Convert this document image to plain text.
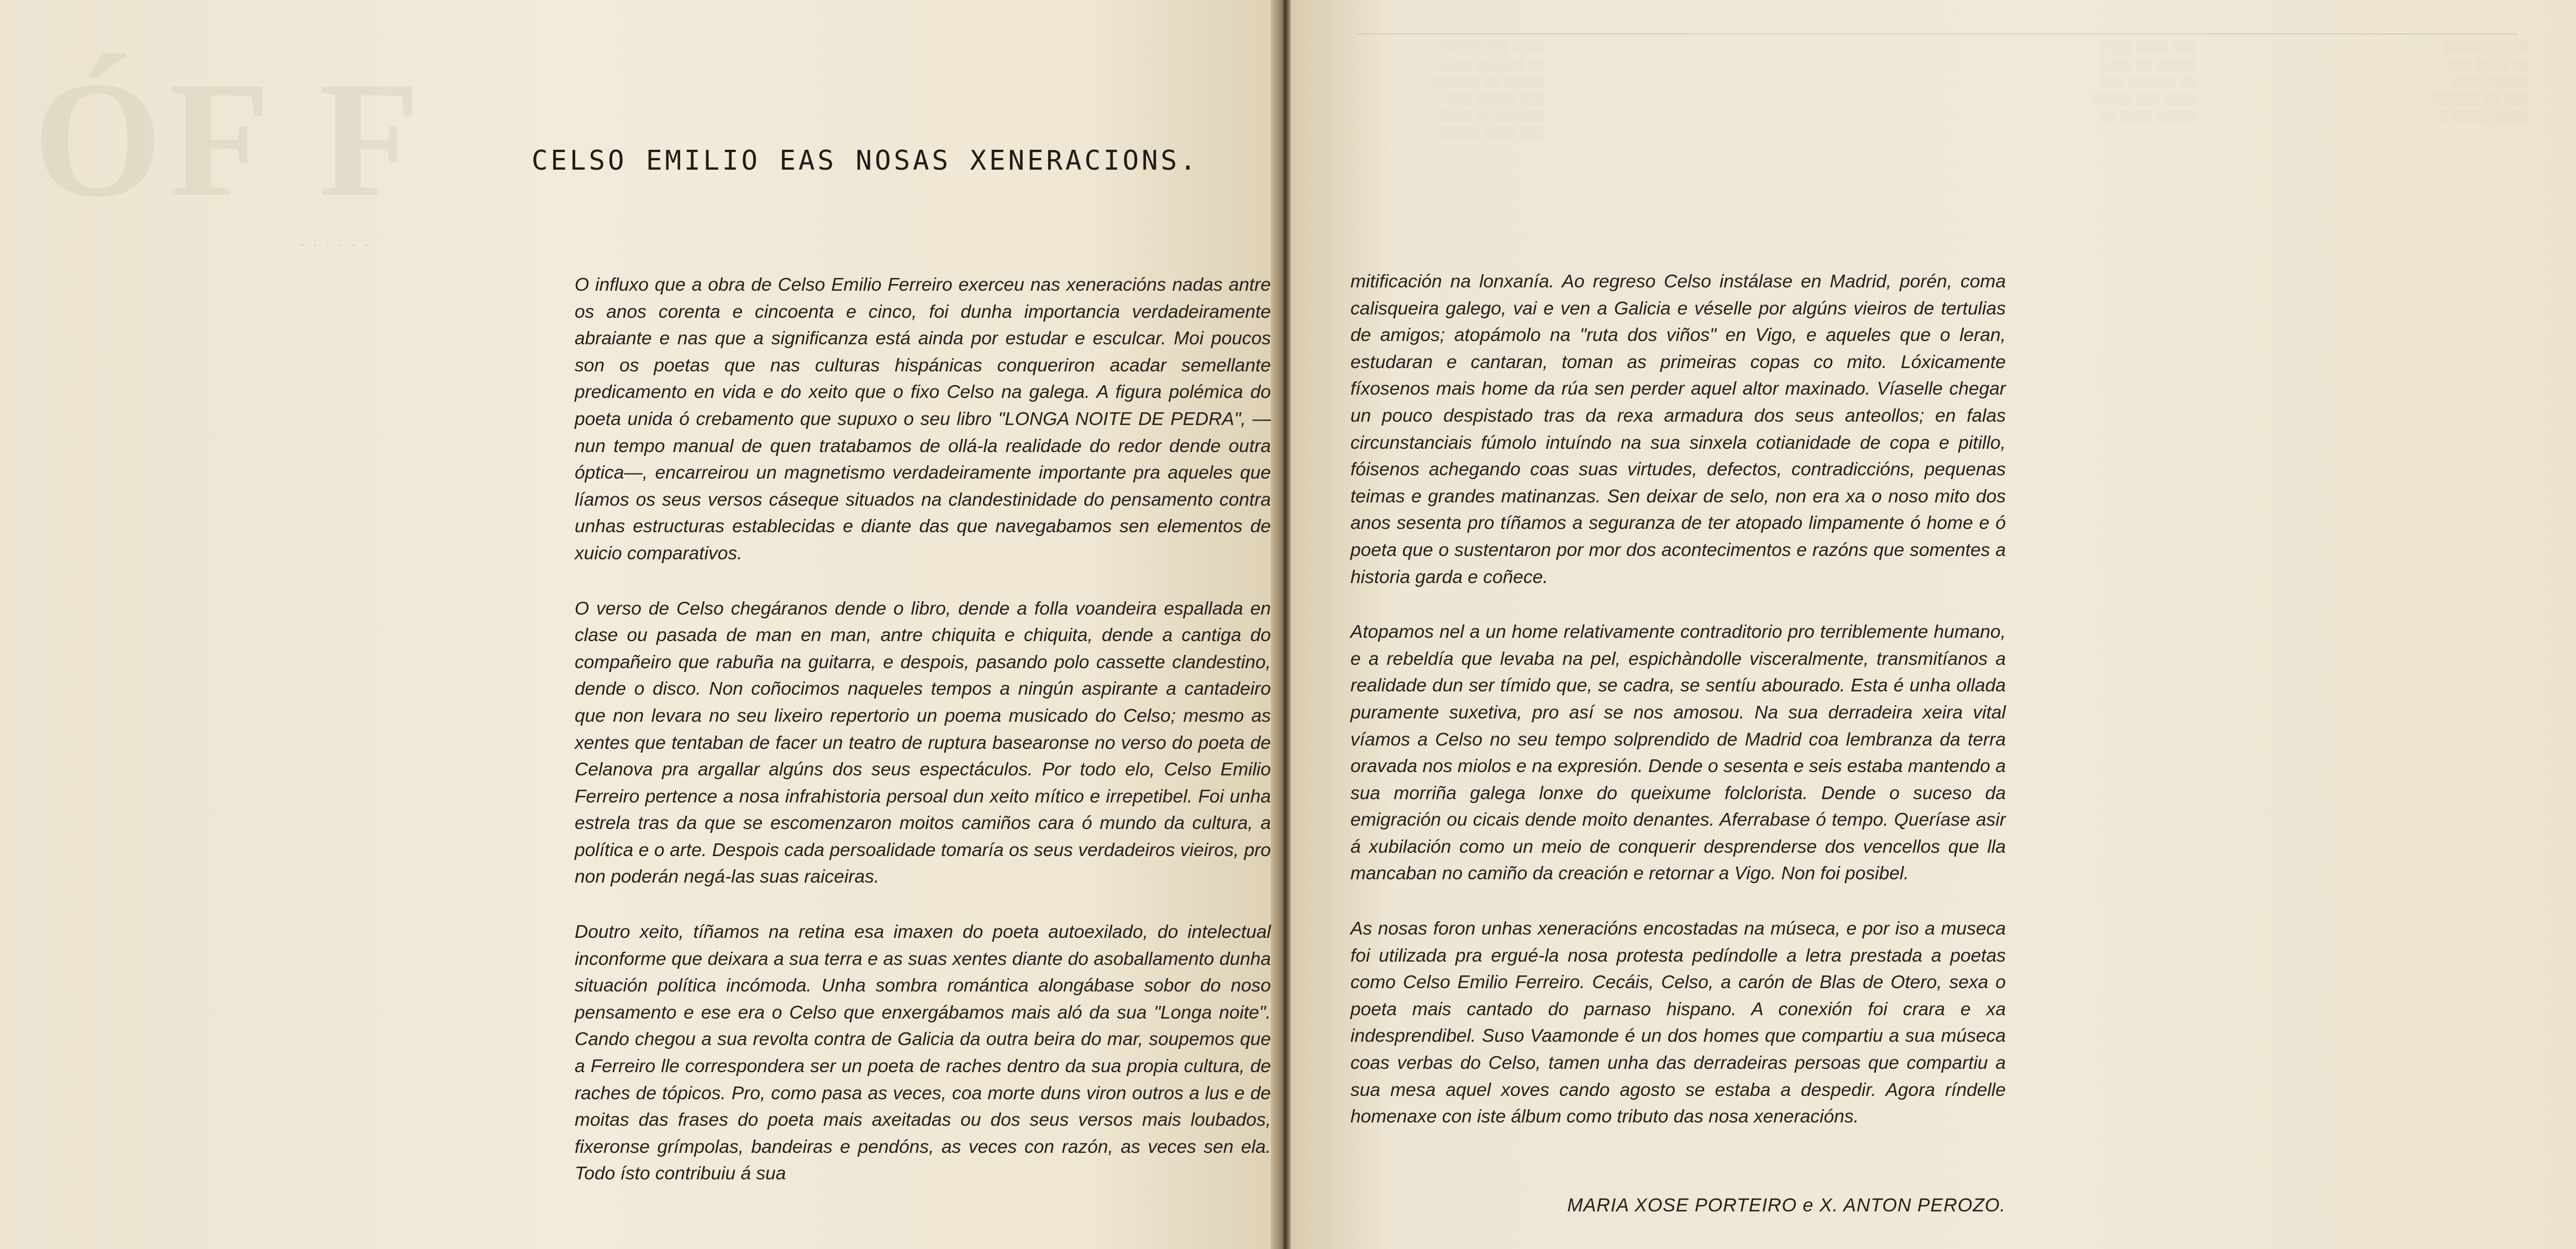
ÓF F
· · · · · ·
░░░░ ░░░ ░░░░░
░░ ░░░░░░ ░░░░
░░░░░ ░░ ░░░░░░
░░░ ░░░░░ ░░░
░░░░░░ ░░ ░░░░
░░░ ░░░░ ░░░░░
░░░ ░░░░ ░░░░
░░░░░ ░░ ░░░░
░░ ░░░░░░ ░░░
░░░░ ░░░ ░░░░░
░░░░░ ░░░░ ░░
░░░░ ░░░░░░
░░ ░░░░ ░░░
░░░░░ ░░░░
░░░ ░░ ░░░░░░
░░░░ ░░░░░ ░
CELSO EMILIO EAS NOSAS XENERACIONS.

O influxo que a obra de Celso Emilio Ferreiro exerceu nas xeneracións nadas antre os anos corenta e cincoenta e cinco, foi dunha importancia verdadeiramente abraiante e nas que a significanza está ainda por estudar e esculcar. Moi poucos son os poetas que nas culturas hispánicas conqueriron acadar semellante predicamento en vida e do xeito que o fixo Celso na galega. A figura polémica do poeta unida ó crebamento que supuxo o seu libro "LONGA NOITE DE PEDRA", —nun tempo manual de quen tratabamos de ollá-la realidade do redor dende outra óptica—, encarreirou un magnetismo verdadeiramente importante pra aqueles que líamos os seus versos cáseque situados na clandestinidade do pensamento contra unhas estructuras establecidas e diante das que navegabamos sen elementos de xuicio comparativos.

O verso de Celso chegáranos dende o libro, dende a folla voandeira espallada en clase ou pasada de man en man, antre chiquita e chiquita, dende a cantiga do compañeiro que rabuña na guitarra, e despois, pasando polo cassette clandestino, dende o disco. Non coñocimos naqueles tempos a ningún aspirante a cantadeiro que non levara no seu lixeiro repertorio un poema musicado do Celso; mesmo as xentes que tentaban de facer un teatro de ruptura basearonse no verso do poeta de Celanova pra argallar algúns dos seus espectáculos. Por todo elo, Celso Emilio Ferreiro pertence a nosa infrahistoria persoal dun xeito mítico e irrepetibel. Foi unha estrela tras da que se escomenzaron moitos camiños cara ó mundo da cultura, a política e o arte. Despois cada persoalidade tomaría os seus verdadeiros vieiros, pro non poderán negá-las suas raiceiras.

Doutro xeito, tíñamos na retina esa imaxen do poeta autoexilado, do intelectual inconforme que deixara a sua terra e as suas xentes diante do asoballamento dunha situación política incómoda. Unha sombra romántica alongábase sobor do noso pensamento e ese era o Celso que enxergábamos mais aló da sua "Longa noite". Cando chegou a sua revolta contra de Galicia da outra beira do mar, soupemos que a Ferreiro lle correspondera ser un poeta de raches dentro da sua propia cultura, de raches de tópicos. Pro, como pasa as veces, coa morte duns viron outros a lus e de moitas das frases do poeta mais axeitadas ou dos seus versos mais loubados, fixeronse grímpolas, bandeiras e pendóns, as veces con razón, as veces sen ela. Todo ísto contribuiu á sua

mitificación na lonxanía. Ao regreso Celso instálase en Madrid, porén, coma calisqueira galego, vai e ven a Galicia e véselle por algúns vieiros de tertulias de amigos; atopámolo na "ruta dos viños" en Vigo, e aqueles que o leran, estudaran e cantaran, toman as primeiras copas co mito. Lóxicamente fíxosenos mais home da rúa sen perder aquel altor maxinado. Víaselle chegar un pouco despistado tras da rexa armadura dos seus anteollos; en falas circunstanciais fúmolo intuíndo na sua sinxela cotianidade de copa e pitillo, fóisenos achegando coas suas virtudes, defectos, contradiccións, pequenas teimas e grandes matinanzas. Sen deixar de selo, non era xa o noso mito dos anos sesenta pro tíñamos a seguranza de ter atopado limpamente ó home e ó poeta que o sustentaron por mor dos acontecimentos e razóns que somentes a historia garda e coñece.

Atopamos nel a un home relativamente contraditorio pro terriblemente humano, e a rebeldía que levaba na pel, espichàndolle visceralmente, transmitíanos a realidade dun ser tímido que, se cadra, se sentíu abourado. Esta é unha ollada puramente suxetiva, pro así se nos amosou. Na sua derradeira xeira vital víamos a Celso no seu tempo solprendido de Madrid coa lembranza da terra oravada nos miolos e na expresión. Dende o sesenta e seis estaba mantendo a sua morriña galega lonxe do queixume folclorista. Dende o suceso da emigración ou cicais dende moito denantes. Aferrabase ó tempo. Queríase asir á xubilación como un meio de conquerir desprenderse dos vencellos que lla mancaban no camiño da creación e retornar a Vigo. Non foi posibel.

As nosas foron unhas xeneracións encostadas na múseca, e por iso a museca foi utilizada pra ergué-la nosa protesta pedíndolle a letra prestada a poetas como Celso Emilio Ferreiro. Cecáis, Celso, a carón de Blas de Otero, sexa o poeta mais cantado do parnaso hispano. A conexión foi crara e xa indesprendibel. Suso Vaamonde é un dos homes que compartiu a sua múseca coas verbas do Celso, tamen unha das derradeiras persoas que compartiu a sua mesa aquel xoves cando agosto se estaba a despedir. Agora ríndelle homenaxe con iste álbum como tributo das nosa xeneracións.

MARIA XOSE PORTEIRO e X. ANTON PEROZO.
